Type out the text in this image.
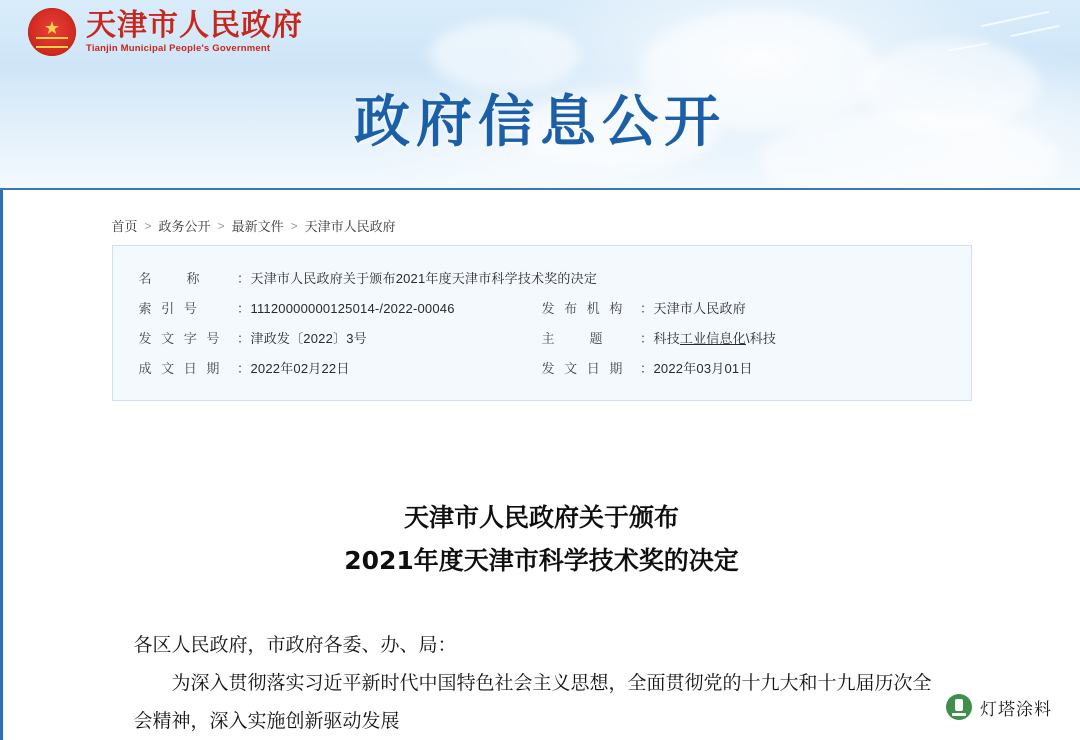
★
天津市人民政府
Tianjin Municipal People's Government
政府信息公开
首页 > 政务公开 > 最新文件 > 天津市人民政府
名　　称	： 天津市人民政府关于颁布2021年度天津市科学技术奖的决定
索 引 号	： 11120000000125014-/2022-00046	发 布 机 构	： 天津市人民政府
发 文 字 号	： 津政发〔2022〕3号	主　　题	： 科技工业信息化\科技
成 文 日 期	： 2022年02月22日	发 文 日 期	： 2022年03月01日
天津市人民政府关于颁布
2021年度天津市科学技术奖的决定

各区人民政府，市政府各委、办、局：

为深入贯彻落实习近平新时代中国特色社会主义思想，全面贯彻党的十九大和十九届历次全会精神，深入实施创新驱动发展

灯塔涂料
